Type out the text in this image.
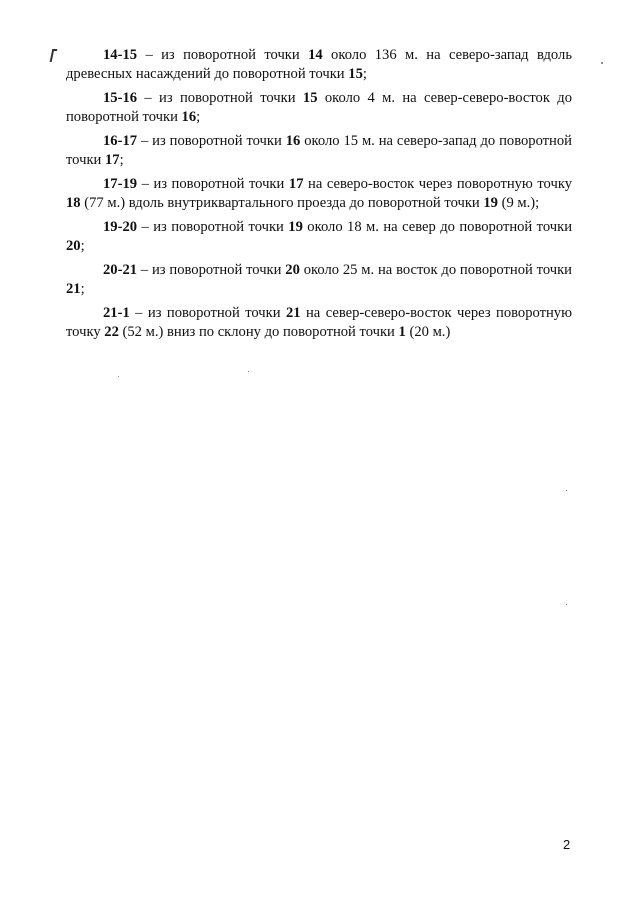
14-15 – из поворотной точки 14 около 136 м. на северо-запад вдоль древесных насаждений до поворотной точки 15;

15-16 – из поворотной точки 15 около 4 м. на север-северо-восток до поворотной точки 16;

16-17 – из поворотной точки 16 около 15 м. на северо-запад до поворотной точки 17;

17-19 – из поворотной точки 17 на северо-восток через поворотную точку 18 (77 м.) вдоль внутриквартального проезда до поворотной точки 19 (9 м.);

19-20 – из поворотной точки 19 около 18 м. на север до поворотной точки 20;

20-21 – из поворотной точки 20 около 25 м. на восток до поворотной точки 21;

21-1 – из поворотной точки 21 на север-северо-восток через поворотную точку 22 (52 м.) вниз по склону до поворотной точки 1 (20 м.)

2
